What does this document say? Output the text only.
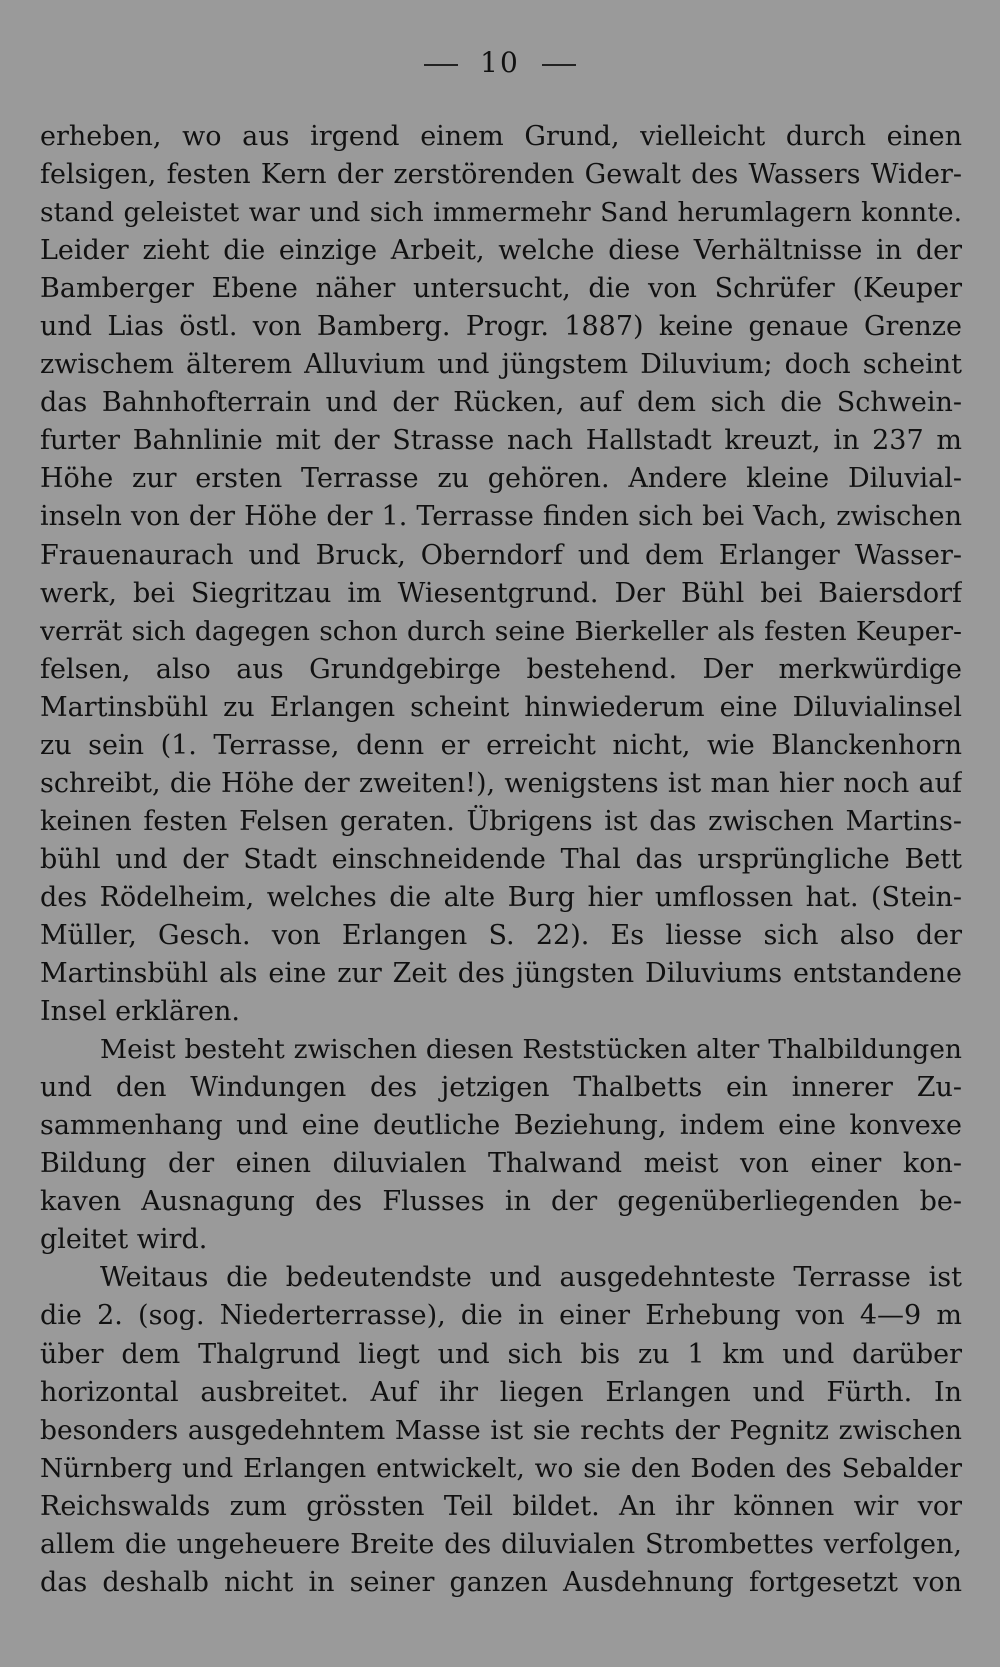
10
erheben, wo aus irgend einem Grund, vielleicht durch einen
felsigen, festen Kern der zerstörenden Gewalt des Wassers Wider-
stand geleistet war und sich immermehr Sand herumlagern konnte.
Leider zieht die einzige Arbeit, welche diese Verhältnisse in der
Bamberger Ebene näher untersucht, die von Schrüfer (Keuper
und Lias östl. von Bamberg. Progr. 1887) keine genaue Grenze
zwischem älterem Alluvium und jüngstem Diluvium; doch scheint
das Bahnhofterrain und der Rücken, auf dem sich die Schwein-
furter Bahnlinie mit der Strasse nach Hallstadt kreuzt, in 237 m
Höhe zur ersten Terrasse zu gehören. Andere kleine Diluvial-
inseln von der Höhe der 1. Terrasse finden sich bei Vach, zwischen
Frauenaurach und Bruck, Oberndorf und dem Erlanger Wasser-
werk, bei Siegritzau im Wiesentgrund. Der Bühl bei Baiersdorf
verrät sich dagegen schon durch seine Bierkeller als festen Keuper-
felsen, also aus Grundgebirge bestehend. Der merkwürdige
Martinsbühl zu Erlangen scheint hinwiederum eine Diluvialinsel
zu sein (1. Terrasse, denn er erreicht nicht, wie Blanckenhorn
schreibt, die Höhe der zweiten!), wenigstens ist man hier noch auf
keinen festen Felsen geraten. Übrigens ist das zwischen Martins-
bühl und der Stadt einschneidende Thal das ursprüngliche Bett
des Rödelheim, welches die alte Burg hier umflossen hat. (Stein-
Müller, Gesch. von Erlangen S. 22). Es liesse sich also der
Martinsbühl als eine zur Zeit des jüngsten Diluviums entstandene
Insel erklären.
Meist besteht zwischen diesen Reststücken alter Thalbildungen
und den Windungen des jetzigen Thalbetts ein innerer Zu-
sammenhang und eine deutliche Beziehung, indem eine konvexe
Bildung der einen diluvialen Thalwand meist von einer kon-
kaven Ausnagung des Flusses in der gegenüberliegenden be-
gleitet wird.
Weitaus die bedeutendste und ausgedehnteste Terrasse ist
die 2. (sog. Niederterrasse), die in einer Erhebung von 4—9 m
über dem Thalgrund liegt und sich bis zu 1 km und darüber
horizontal ausbreitet. Auf ihr liegen Erlangen und Fürth. In
besonders ausgedehntem Masse ist sie rechts der Pegnitz zwischen
Nürnberg und Erlangen entwickelt, wo sie den Boden des Sebalder
Reichswalds zum grössten Teil bildet. An ihr können wir vor
allem die ungeheuere Breite des diluvialen Strombettes verfolgen,
das deshalb nicht in seiner ganzen Ausdehnung fortgesetzt von
